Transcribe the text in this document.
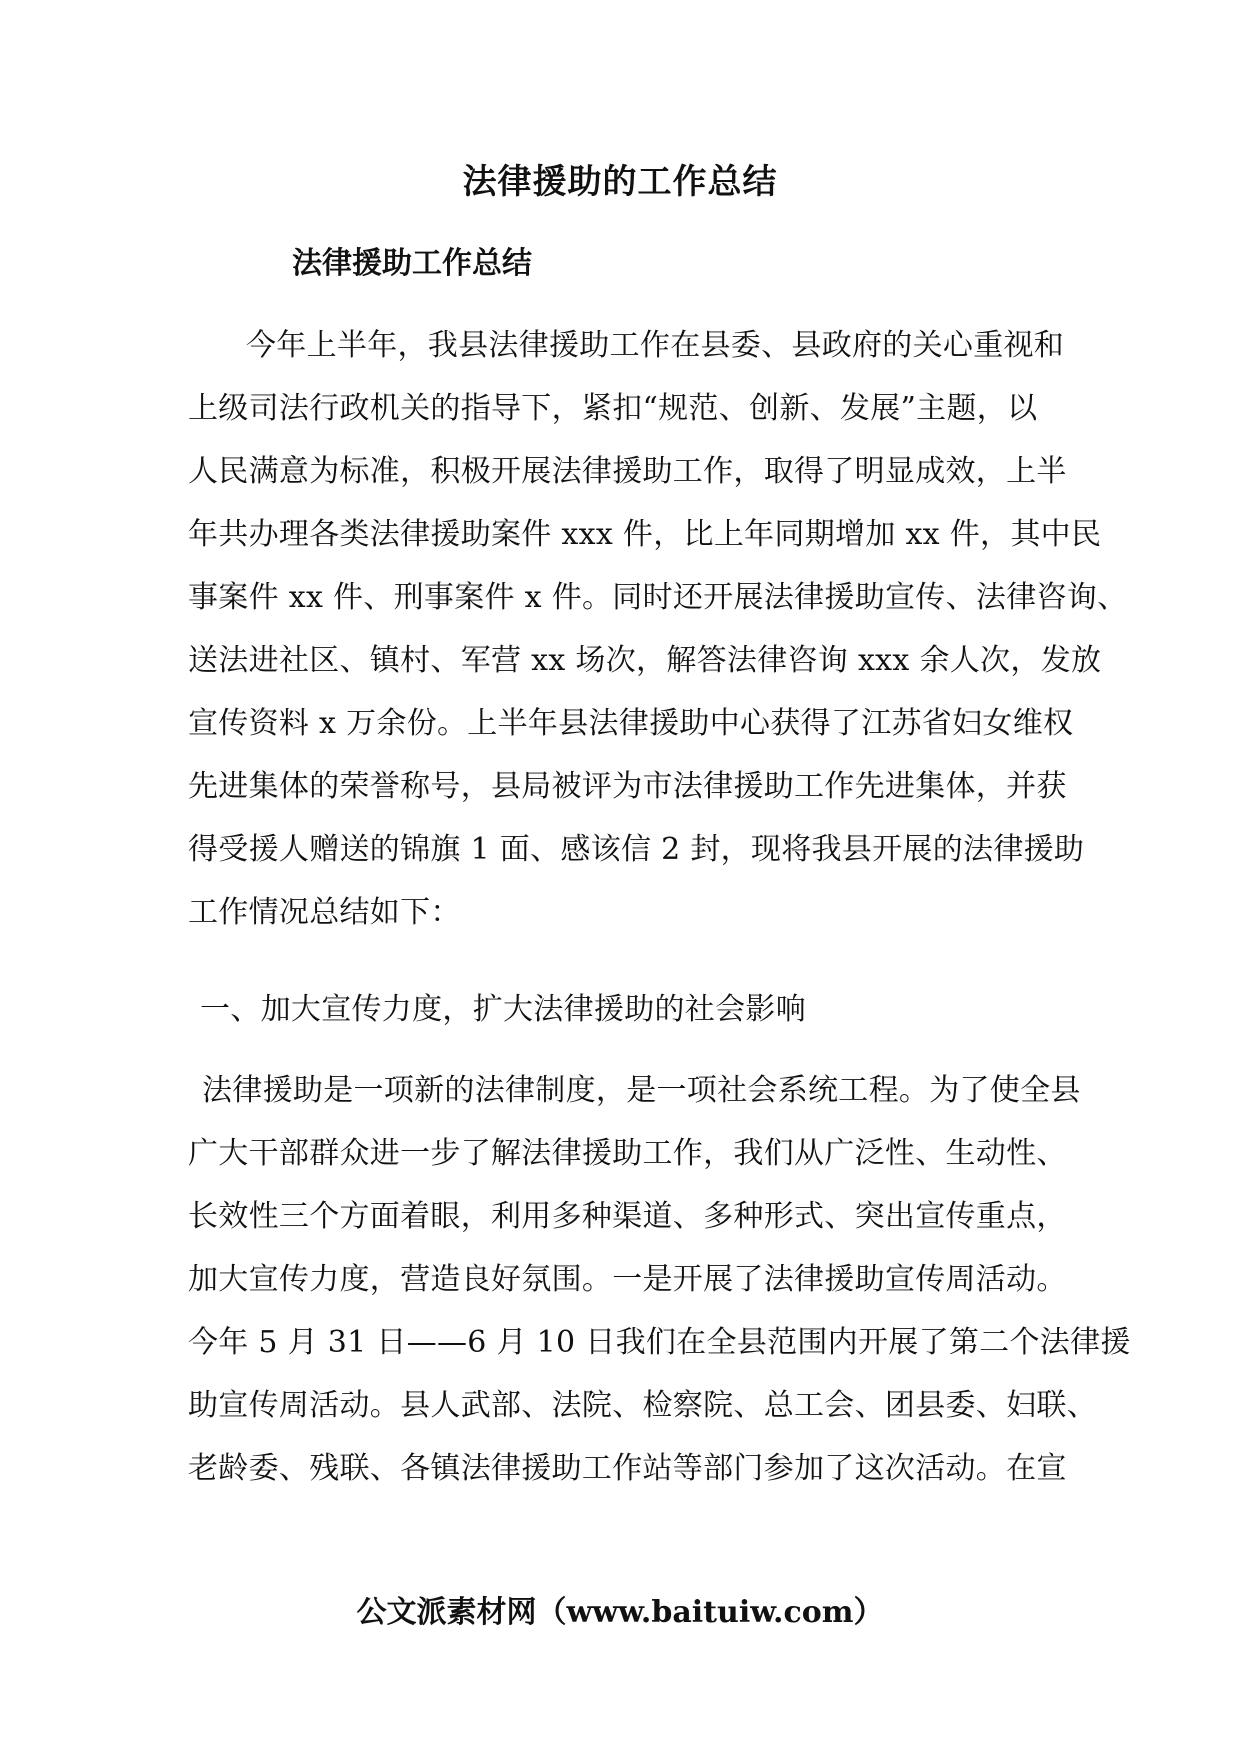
法律援助的工作总结
法律援助工作总结
今年上半年，我县法律援助工作在县委、县政府的关心重视和
上级司法行政机关的指导下，紧扣“规范、创新、发展”主题，以
人民满意为标准，积极开展法律援助工作，取得了明显成效，上半
年共办理各类法律援助案件 xxx 件，比上年同期增加 xx 件，其中民
事案件 xx 件、刑事案件 x 件。同时还开展法律援助宣传、法律咨询、
送法进社区、镇村、军营 xx 场次，解答法律咨询 xxx 余人次，发放
宣传资料 x 万余份。上半年县法律援助中心获得了江苏省妇女维权
先进集体的荣誉称号，县局被评为市法律援助工作先进集体，并获
得受援人赠送的锦旗 1 面、感该信 2 封，现将我县开展的法律援助
工作情况总结如下：
一、加大宣传力度，扩大法律援助的社会影响
法律援助是一项新的法律制度，是一项社会系统工程。为了使全县
广大干部群众进一步了解法律援助工作，我们从广泛性、生动性、
长效性三个方面着眼，利用多种渠道、多种形式、突出宣传重点，
加大宣传力度，营造良好氛围。一是开展了法律援助宣传周活动。
今年 5 月 31 日——6 月 10 日我们在全县范围内开展了第二个法律援
助宣传周活动。县人武部、法院、检察院、总工会、团县委、妇联、
老龄委、残联、各镇法律援助工作站等部门参加了这次活动。在宣
公文派素材网（www.baituiw.com）
